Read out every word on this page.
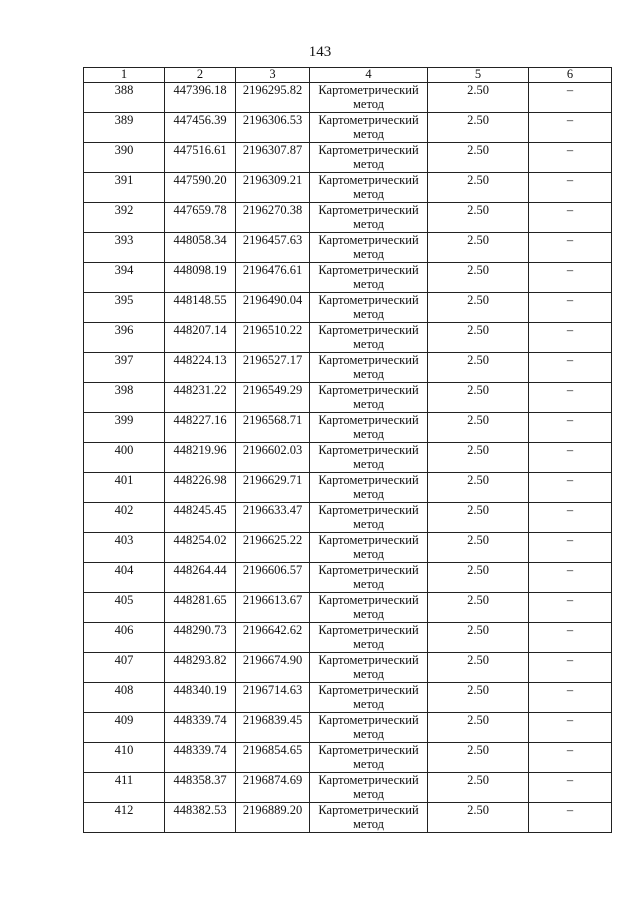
143
1	2	3	4	5	6
388	447396.18	2196295.82	Картометрический метод	2.50	–
389	447456.39	2196306.53	Картометрический метод	2.50	–
390	447516.61	2196307.87	Картометрический метод	2.50	–
391	447590.20	2196309.21	Картометрический метод	2.50	–
392	447659.78	2196270.38	Картометрический метод	2.50	–
393	448058.34	2196457.63	Картометрический метод	2.50	–
394	448098.19	2196476.61	Картометрический метод	2.50	–
395	448148.55	2196490.04	Картометрический метод	2.50	–
396	448207.14	2196510.22	Картометрический метод	2.50	–
397	448224.13	2196527.17	Картометрический метод	2.50	–
398	448231.22	2196549.29	Картометрический метод	2.50	–
399	448227.16	2196568.71	Картометрический метод	2.50	–
400	448219.96	2196602.03	Картометрический метод	2.50	–
401	448226.98	2196629.71	Картометрический метод	2.50	–
402	448245.45	2196633.47	Картометрический метод	2.50	–
403	448254.02	2196625.22	Картометрический метод	2.50	–
404	448264.44	2196606.57	Картометрический метод	2.50	–
405	448281.65	2196613.67	Картометрический метод	2.50	–
406	448290.73	2196642.62	Картометрический метод	2.50	–
407	448293.82	2196674.90	Картометрический метод	2.50	–
408	448340.19	2196714.63	Картометрический метод	2.50	–
409	448339.74	2196839.45	Картометрический метод	2.50	–
410	448339.74	2196854.65	Картометрический метод	2.50	–
411	448358.37	2196874.69	Картометрический метод	2.50	–
412	448382.53	2196889.20	Картометрический метод	2.50	–
